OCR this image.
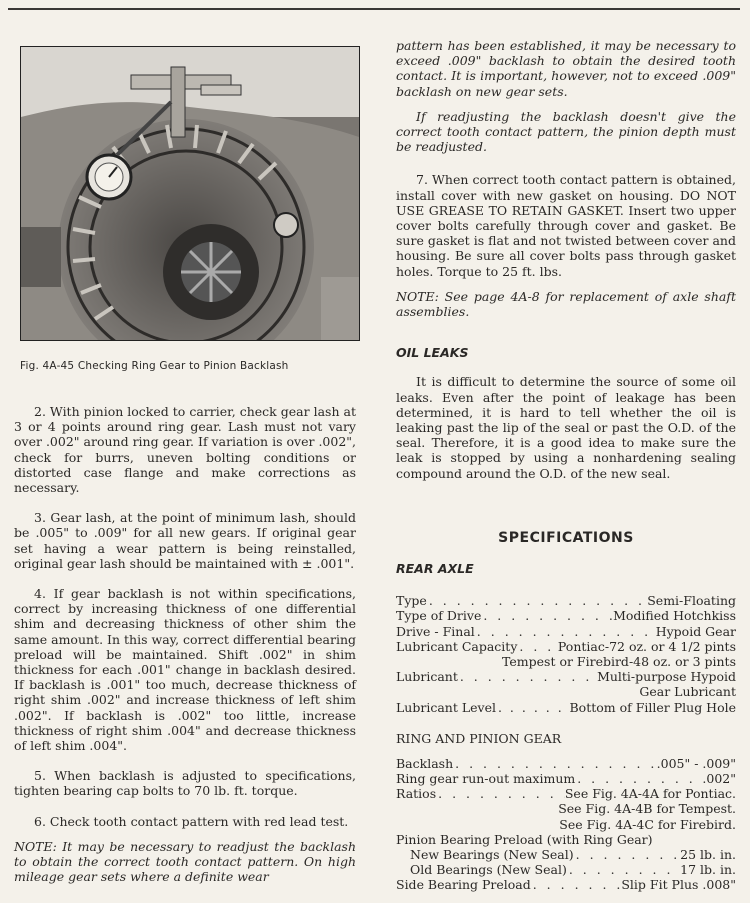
Fig. 4A-45 Checking Ring Gear to Pinion Backlash

2. With pinion locked to carrier, check gear lash at 3 or 4 points around ring gear. Lash must not vary over .002" around ring gear. If variation is over .002", check for burrs, uneven bolting conditions or distorted case flange and make corrections as necessary.

3. Gear lash, at the point of minimum lash, should be .005" to .009" for all new gears. If original gear set having a wear pattern is being reinstalled, original gear lash should be maintained with ± .001".

4. If gear backlash is not within specifications, correct by increasing thickness of one differential shim and decreasing thickness of other shim the same amount. In this way, correct differential bearing preload will be maintained. Shift .002" in shim thickness for each .001" change in backlash desired. If backlash is .001" too much, decrease thickness of right shim .002" and increase thickness of left shim .002". If backlash is .002" too little, increase thickness of right shim .004" and decrease thickness of left shim .004".

5. When backlash is adjusted to specifications, tighten bearing cap bolts to 70 lb. ft. torque.

6. Check tooth contact pattern with red lead test.

NOTE: It may be necessary to readjust the backlash to obtain the correct tooth contact pattern. On high mileage gear sets where a definite wear

pattern has been established, it may be necessary to exceed .009" backlash to obtain the desired tooth contact. It is important, however, not to exceed .009" backlash on new gear sets.

If readjusting the backlash doesn't give the correct tooth contact pattern, the pinion depth must be readjusted.

7. When correct tooth contact pattern is obtained, install cover with new gasket on housing. DO NOT USE GREASE TO RETAIN GASKET. Insert two upper cover bolts carefully through cover and gasket. Be sure gasket is flat and not twisted between cover and housing. Be sure all cover bolts pass through gasket holes. Torque to 25 ft. lbs.

NOTE: See page 4A-8 for replacement of axle shaft assemblies.

OIL LEAKS

It is difficult to determine the source of some oil leaks. Even after the point of leakage has been determined, it is hard to tell whether the oil is leaking past the lip of the seal or past the O.D. of the seal. Therefore, it is a good idea to make sure the leak is stopped by using a nonhardening sealing compound around the O.D. of the new seal.

SPECIFICATIONS
REAR AXLE
Type . . .	Semi-Floating
Type of Drive . . .	Modified Hotchkiss
Drive - Final . . .	Hypoid Gear
Lubricant Capacity . . .	Pontiac-72 oz. or 4 1/2 pints
Tempest or Firebird-48 oz. or 3 pints
Lubricant . . .	Multi-purpose Hypoid
Gear Lubricant
Lubricant Level . . .	Bottom of Filler Plug Hole
RING AND PINION GEAR
Backlash . . .	.005" - .009"
Ring gear run-out maximum . . .	.002"
Ratios . . .	See Fig. 4A-4A for Pontiac.
See Fig. 4A-4B for Tempest.
See Fig. 4A-4C for Firebird.
Pinion Bearing Preload (with Ring Gear)
New Bearings (New Seal) . . .	25 lb. in.
Old Bearings (New Seal) . . .	17 lb. in.
Side Bearing Preload . . .	Slip Fit Plus .008"
